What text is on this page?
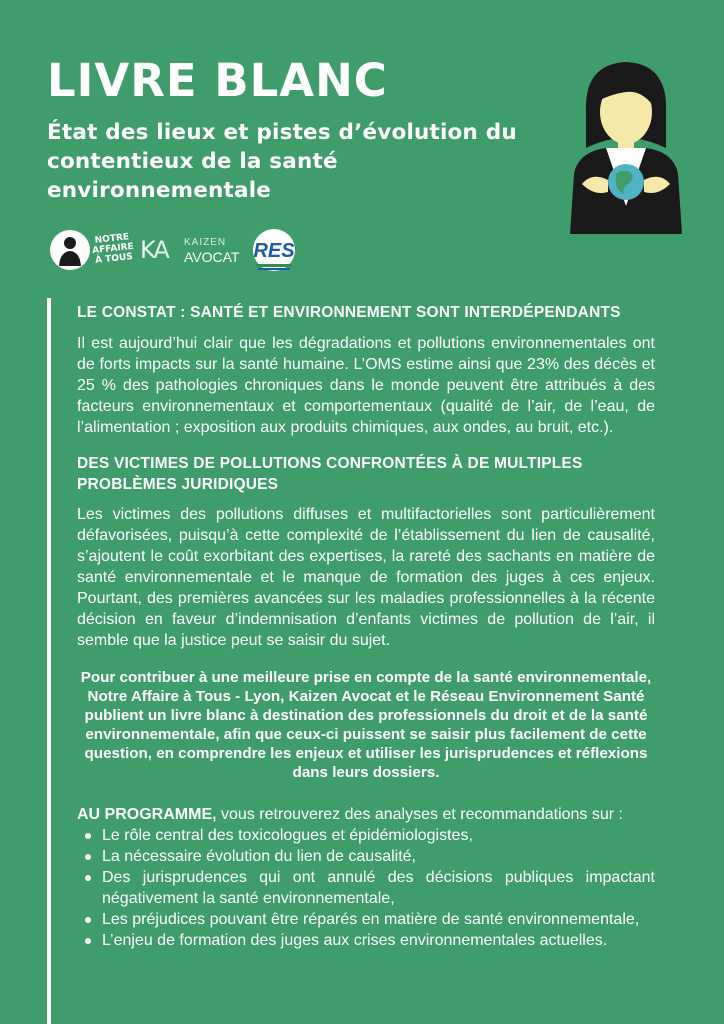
LIVRE BLANC
État des lieux et pistes d’évolution du contentieux de la santé environnementale
NOTRE AFFAIRE À TOUS KA KAIZEN
AVOCAT RES
LE CONSTAT : SANTÉ ET ENVIRONNEMENT SONT INTERDÉPENDANTS

Il est aujourd’hui clair que les dégradations et pollutions environnementales ont de forts impacts sur la santé humaine. L’OMS estime ainsi que 23% des décès et 25 % des pathologies chroniques dans le monde peuvent être attribués à des facteurs environnementaux et comportementaux (qualité de l’air, de l’eau, de l’alimentation ; exposition aux produits chimiques, aux ondes, au bruit, etc.).

DES VICTIMES DE POLLUTIONS CONFRONTÉES À DE MULTIPLES PROBLÈMES JURIDIQUES

Les victimes des pollutions diffuses et multifactorielles sont particulièrement défavorisées, puisqu’à cette complexité de l’établissement du lien de causalité, s’ajoutent le coût exorbitant des expertises, la rareté des sachants en matière de santé environnementale et le manque de formation des juges à ces enjeux. Pourtant, des premières avancées sur les maladies professionnelles à la récente décision en faveur d’indemnisation d’enfants victimes de pollution de l’air, il semble que la justice peut se saisir du sujet.

Pour contribuer à une meilleure prise en compte de la santé environnementale, Notre Affaire à Tous - Lyon, Kaizen Avocat et le Réseau Environnement Santé publient un livre blanc à destination des professionnels du droit et de la santé environnementale, afin que ceux-ci puissent se saisir plus facilement de cette question, en comprendre les enjeux et utiliser les jurisprudences et réflexions dans leurs dossiers.

AU PROGRAMME, vous retrouverez des analyses et recommandations sur :

Le rôle central des toxicologues et épidémiologistes,
La nécessaire évolution du lien de causalité,
Des jurisprudences qui ont annulé des décisions publiques impactant négativement la santé environnementale,
Les préjudices pouvant être réparés en matière de santé environnementale,
L’enjeu de formation des juges aux crises environnementales actuelles.
